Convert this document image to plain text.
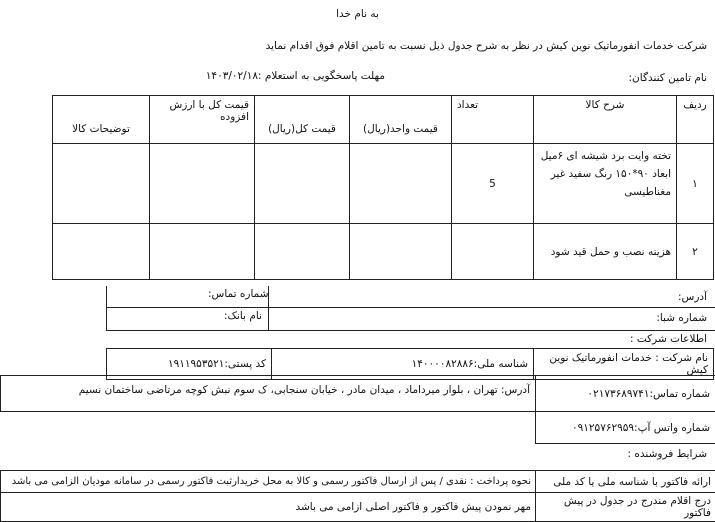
به نام خدا
شرکت خدمات انفورماتیک نوین کیش در نظر به شرح جدول ذیل نسبت به تامین اقلام فوق اقدام نماید
نام تامین کنندگان:
مهلت پاسخگویی به استعلام :۱۴۰۳/۰۲/۱۸
ردیف	شرح کالا	تعداد	قیمت واحد(ریال)	قیمت کل(ریال)	قیمت کل با ارزش افزوده	توضیحات کالا
۱	تخته وایت برد شیشه ای ۶میل
ابعاد ۹۰*۱۵۰ رنگ سفید غیر
مغناطیسی	5				
۲	هزینه نصب و حمل قید شود					
آدرس:
شماره تماس:
شماره شبا:
نام بانک:
اطلاعات شرکت :
نام شرکت : خدمات انفورماتیک نوین کیش	شناسه ملی:۱۴۰۰۰۰۸۲۸۸۶	کد پستی:۱۹۱۱۹۵۳۵۲۱
شماره تماس:۰۲۱۷۳۶۸۹۷۴۱	آدرس: تهران ، بلوار میرداماد ، میدان مادر ، خیابان سنجابی، ک سوم نبش کوچه مرتاضی ساختمان نسیم
شماره واتس آپ:۰۹۱۲۵۷۶۲۹۵۹	
شرایط فروشنده :
ارائه فاکتور با شناسه ملی یا کد ملی	نحوه پرداخت : نقدی / پس از ارسال فاکتور رسمی و کالا به محل خریدارثبت فاکتور رسمی در سامانه مودیان الزامی می باشد
درج اقلام مندرج در جدول در پیش فاکتور	مهر نمودن پیش فاکتور و فاکتور اصلی ازامی می باشد
